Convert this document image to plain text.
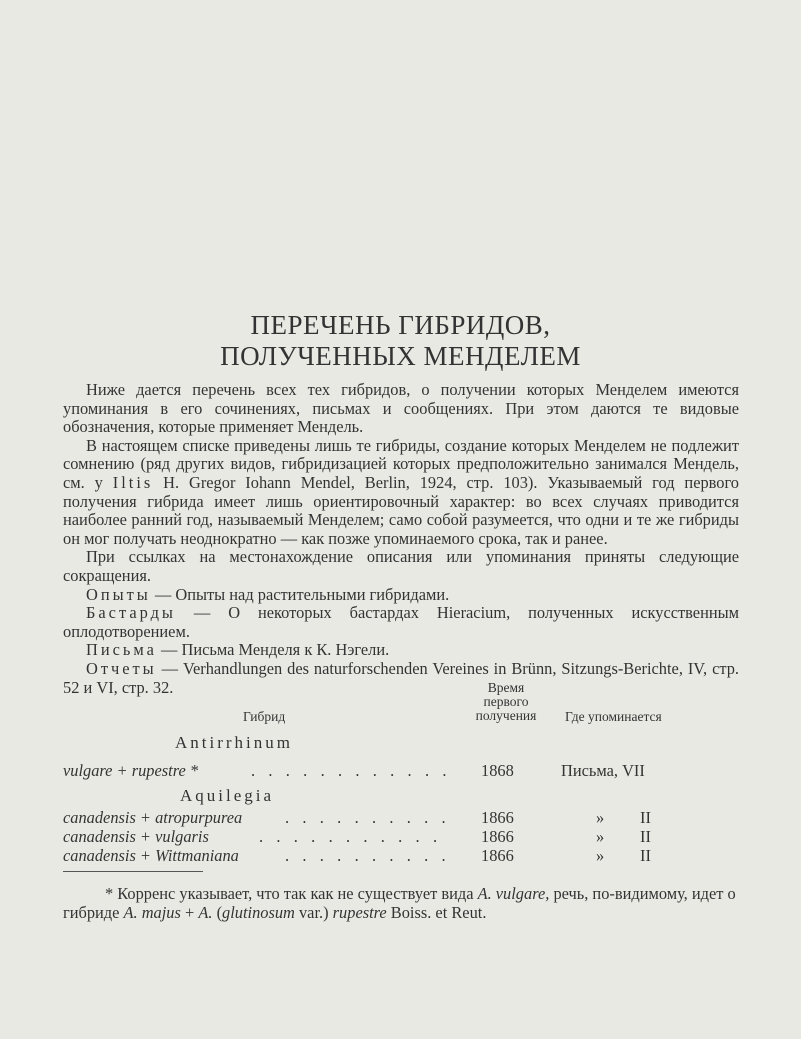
ПЕРЕЧЕНЬ ГИБРИДОВ,
ПОЛУЧЕННЫХ МЕНДЕЛЕМ

Ниже дается перечень всех тех гибридов, о получении которых Менделем имеются упоминания в его сочинениях, письмах и сообщениях. При этом даются те видовые обозначения, которые применяет Мендель.

В настоящем списке приведены лишь те гибриды, создание которых Менделем не подлежит сомнению (ряд других видов, гибридизацией которых предположительно занимался Мендель, см. у Iltis H. Gregor Iohann Mendel, Berlin, 1924, стр. 103). Указываемый год первого получения гибрида имеет лишь ориентировочный характер: во всех случаях приводится наиболее ранний год, называемый Менделем; само собой разумеется, что одни и те же гибриды он мог получать неоднократно — как позже упоминаемого срока, так и ранее.

При ссылках на местонахождение описания или упоминания приняты следующие сокращения.

Опыты — Опыты над растительными гибридами.

Бастарды — О некоторых бастардах Hieracium, полученных искусственным оплодотворением.

Письма — Письма Менделя к К. Нэгели.

Отчеты — Verhandlungen des naturforschenden Vereines in Brünn, Sitzungs-Berichte, IV, стр. 52 и VI, стр. 32.

Гибрид
Время
первого
получения	Где упоминается
Antirrhinum
vulgare + rupestre *	. . . . . . . . . . . . 1868	Письма, VII
Aquilegia
canadensis + atropurpurea	. . . . . . . . . . 1866	» II
canadensis + vulgaris	. . . . . . . . . . . 1866	» II
canadensis + Wittmaniana	. . . . . . . . . . 1866	» II
* Корренс указывает, что так как не существует вида A. vulgare, речь, по-видимому, идет о гибриде A. majus + A. (glutinosum var.) rupestre Boiss. et Reut.
